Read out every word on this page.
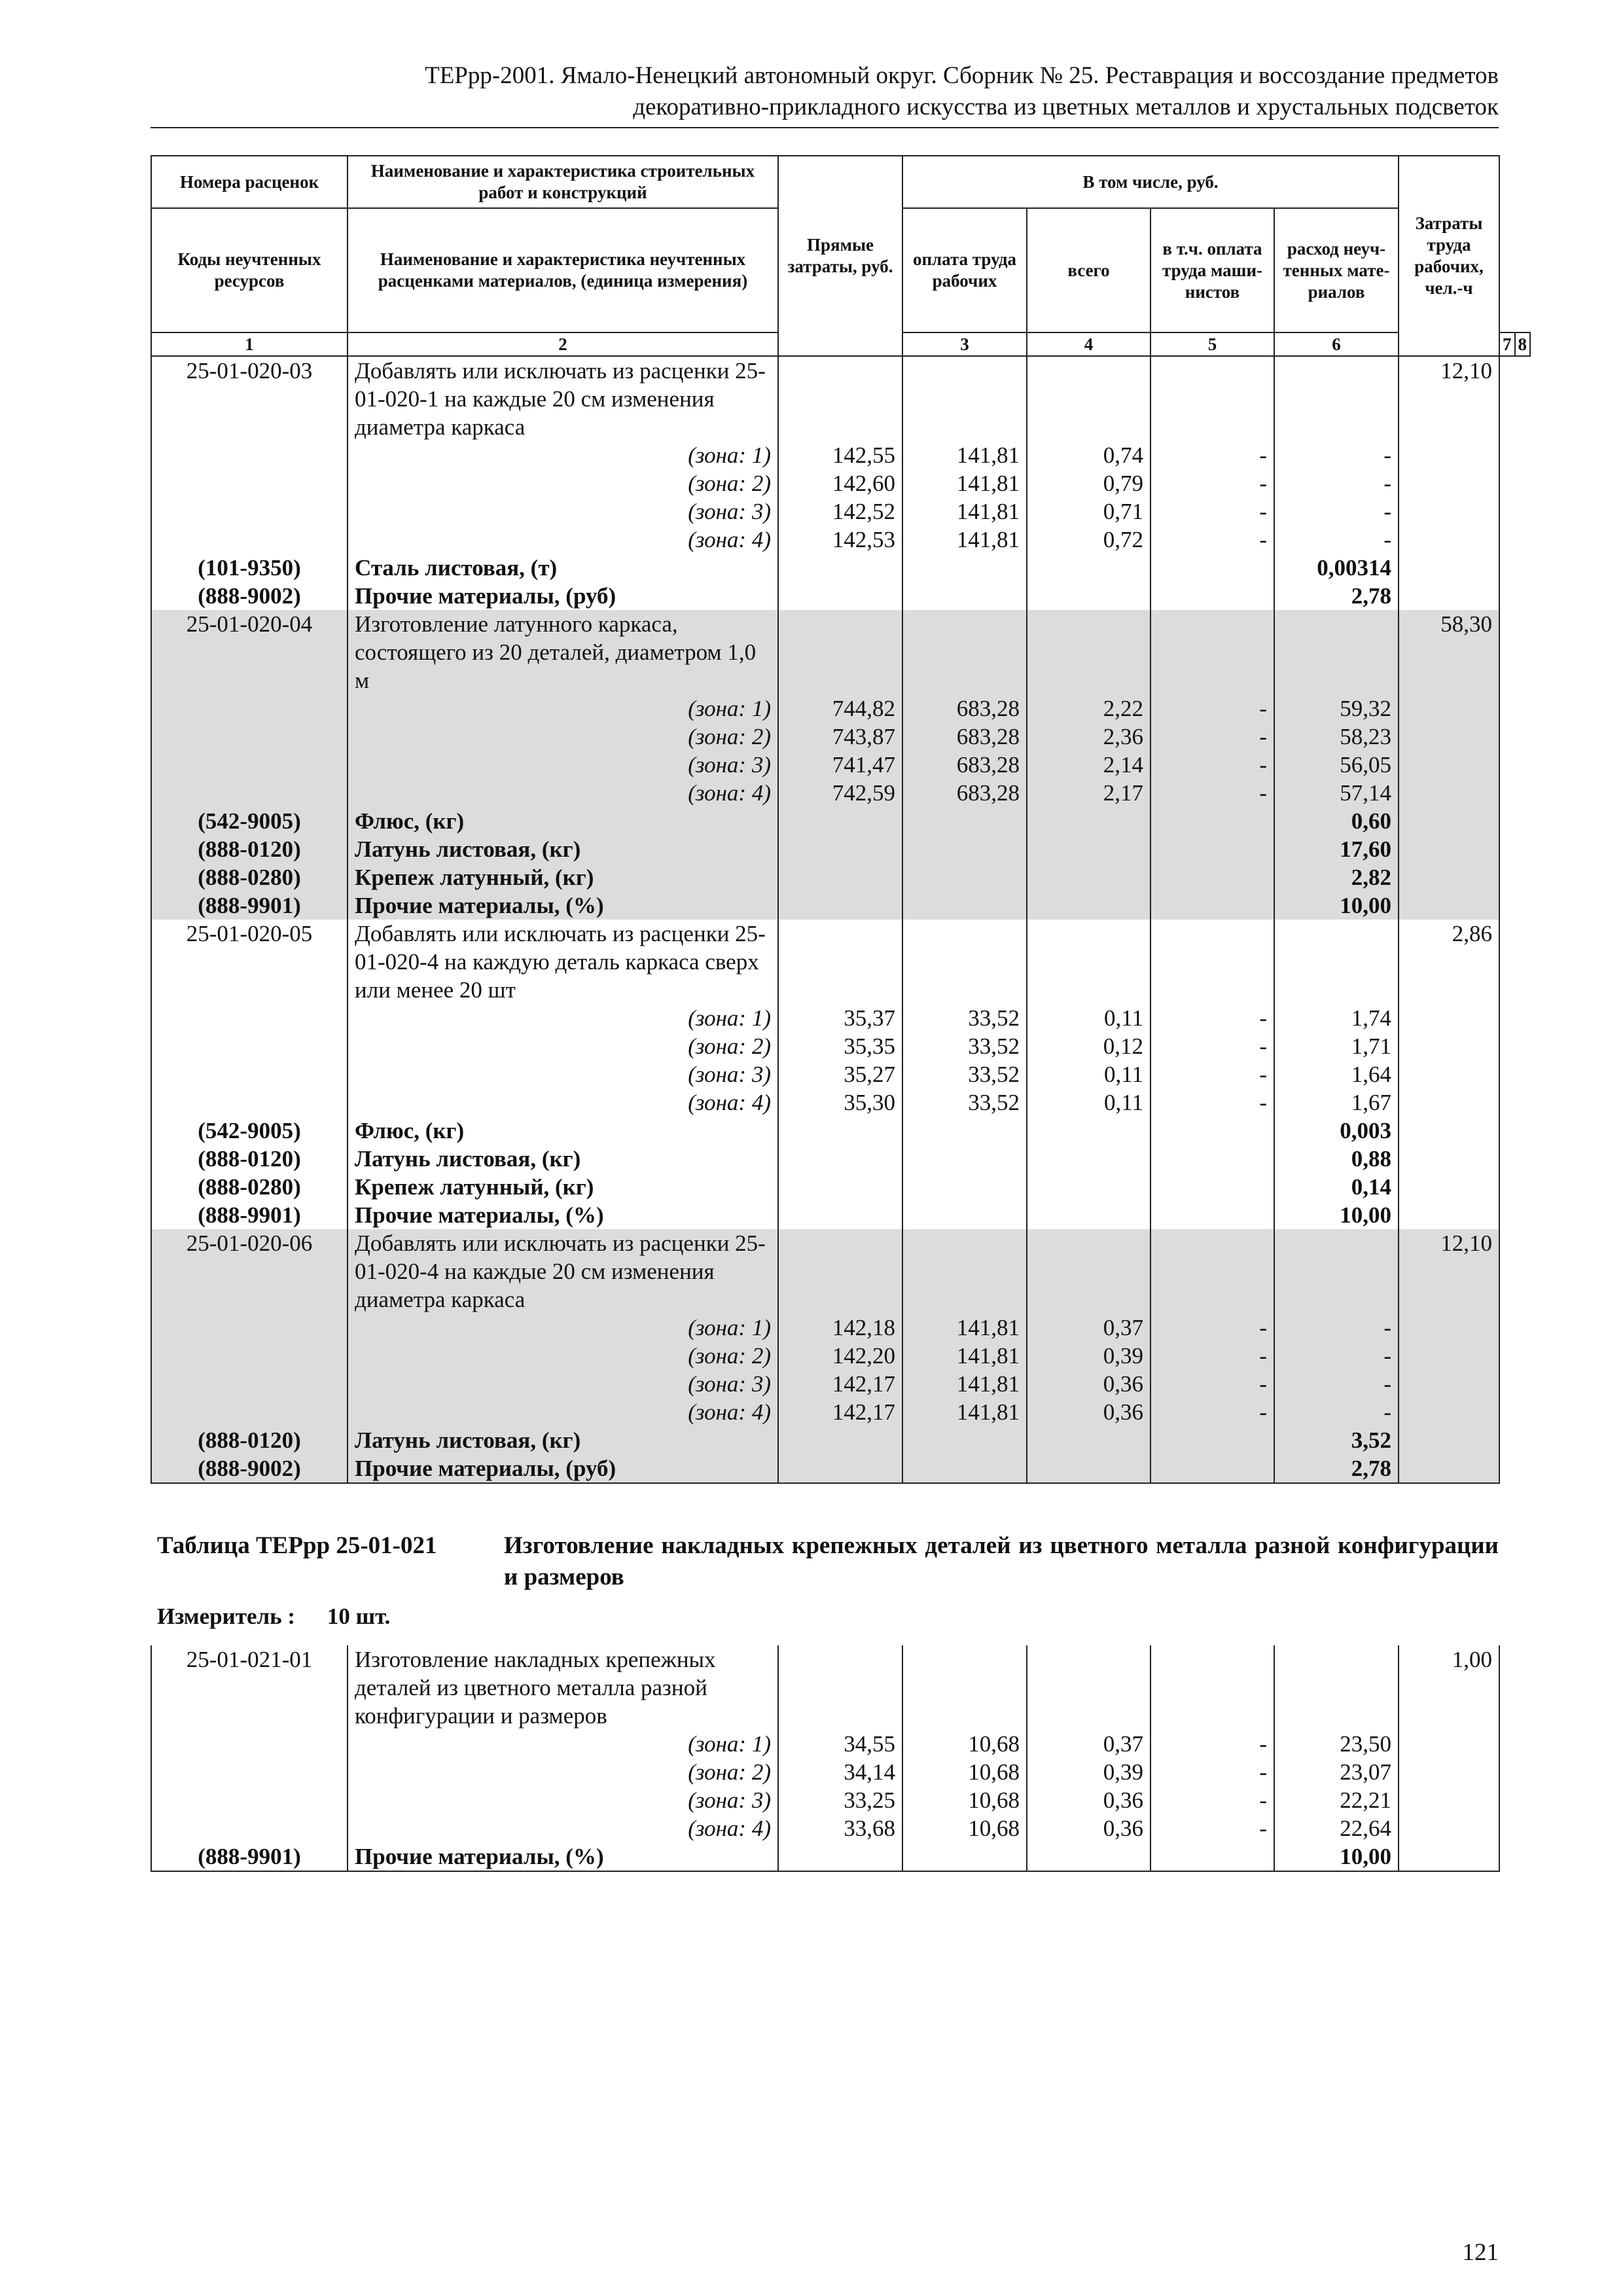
ТЕРрр-2001. Ямало-Ненецкий автономный округ. Сборник № 25. Реставрация и воссоздание предметов
декоративно-прикладного искусства из цветных металлов и хрустальных подсветок
Номера расценок	Наименование и характеристика строительных работ и конструкций	Прямые затраты, руб.	В том числе, руб.				Затраты труда рабочих, чел.-ч		
Коды неучтенных ресурсов	Наименование и характеристика неучтенных расценками материалов, (единица измерения)		оплата труда рабочих	всего	в т.ч. оплата труда маши-нистов	расход неуч-тенных мате-риалов			
1	2		3	4	5	6		7	8
25-01-020-03	Добавлять или исключать из расценки 25-01-020-1 на каждые 20 см изменения диаметра каркаса						12,10		
	(зона: 1)	142,55	141,81	0,74	-	-			
	(зона: 2)	142,60	141,81	0,79	-	-			
	(зона: 3)	142,52	141,81	0,71	-	-			
	(зона: 4)	142,53	141,81	0,72	-	-			
(101-9350)	Сталь листовая, (т)					0,00314			
(888-9002)	Прочие материалы, (руб)					2,78			
25-01-020-04	Изготовление латунного каркаса, состоящего из 20 деталей, диаметром 1,0 м						58,30		
	(зона: 1)	744,82	683,28	2,22	-	59,32			
	(зона: 2)	743,87	683,28	2,36	-	58,23			
	(зона: 3)	741,47	683,28	2,14	-	56,05			
	(зона: 4)	742,59	683,28	2,17	-	57,14			
(542-9005)	Флюс, (кг)					0,60			
(888-0120)	Латунь листовая, (кг)					17,60			
(888-0280)	Крепеж латунный, (кг)					2,82			
(888-9901)	Прочие материалы, (%)					10,00			
25-01-020-05	Добавлять или исключать из расценки 25-01-020-4 на каждую деталь каркаса сверх или менее 20 шт						2,86		
	(зона: 1)	35,37	33,52	0,11	-	1,74			
	(зона: 2)	35,35	33,52	0,12	-	1,71			
	(зона: 3)	35,27	33,52	0,11	-	1,64			
	(зона: 4)	35,30	33,52	0,11	-	1,67			
(542-9005)	Флюс, (кг)					0,003			
(888-0120)	Латунь листовая, (кг)					0,88			
(888-0280)	Крепеж латунный, (кг)					0,14			
(888-9901)	Прочие материалы, (%)					10,00			
25-01-020-06	Добавлять или исключать из расценки 25-01-020-4 на каждые 20 см изменения диаметра каркаса						12,10		
	(зона: 1)	142,18	141,81	0,37	-	-			
	(зона: 2)	142,20	141,81	0,39	-	-			
	(зона: 3)	142,17	141,81	0,36	-	-			
	(зона: 4)	142,17	141,81	0,36	-	-			
(888-0120)	Латунь листовая, (кг)					3,52			
(888-9002)	Прочие материалы, (руб)					2,78			
Таблица ТЕРрр 25-01-021	Изготовление накладных крепежных деталей из цветного металла разной конфигурации и размеров
Измеритель : 10 шт.
25-01-021-01	Изготовление накладных крепежных деталей из цветного металла разной конфигурации и размеров						1,00
	(зона: 1)	34,55	10,68	0,37	-	23,50	
	(зона: 2)	34,14	10,68	0,39	-	23,07	
	(зона: 3)	33,25	10,68	0,36	-	22,21	
	(зона: 4)	33,68	10,68	0,36	-	22,64	
(888-9901)	Прочие материалы, (%)					10,00	
121
